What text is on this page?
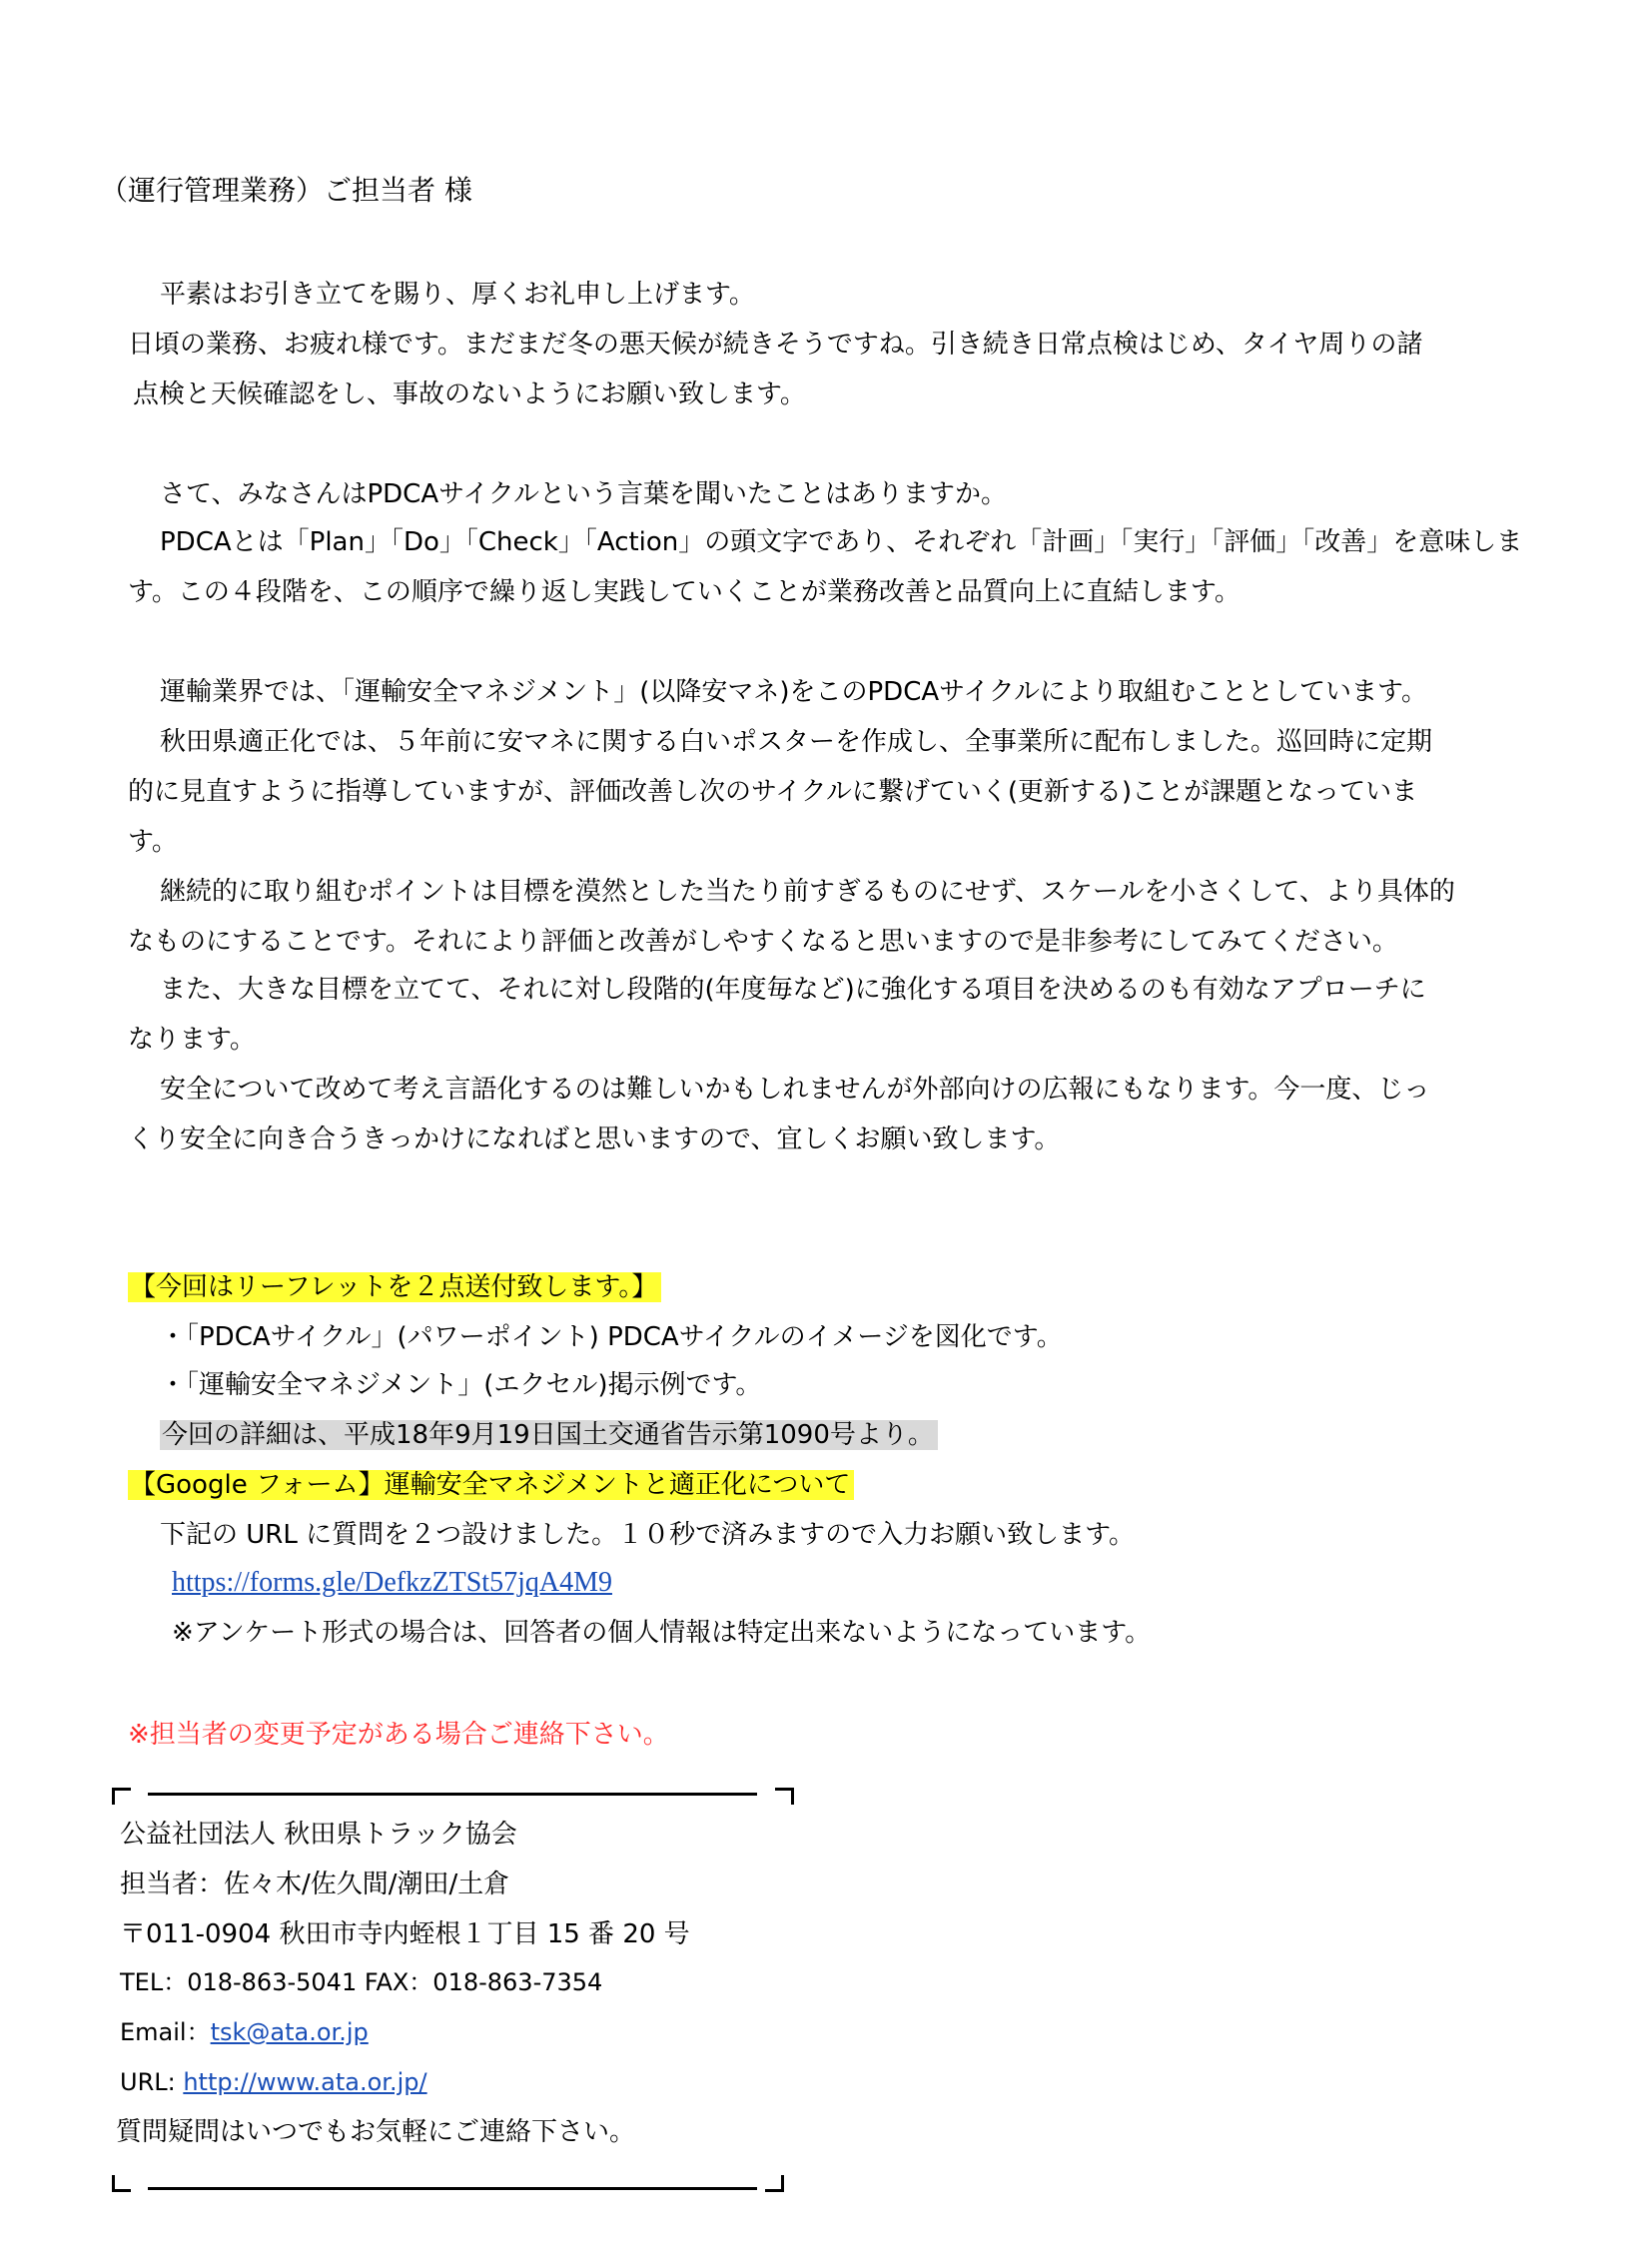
（運行管理業務）ご担当者 様
平素はお引き立てを賜り、厚くお礼申し上げます。
日頃の業務、お疲れ様です。まだまだ冬の悪天候が続きそうですね。引き続き日常点検はじめ、タイヤ周りの諸
点検と天候確認をし、事故のないようにお願い致します。
さて、みなさんはPDCAサイクルという言葉を聞いたことはありますか。
PDCAとは「Plan」「Do」「Check」「Action」の頭文字であり、それぞれ「計画」「実行」「評価」「改善」を意味しま
す。この４段階を、この順序で繰り返し実践していくことが業務改善と品質向上に直結します。
運輸業界では、「運輸安全マネジメント」(以降安マネ)をこのPDCAサイクルにより取組むこととしています。
秋田県適正化では、５年前に安マネに関する白いポスターを作成し、全事業所に配布しました。巡回時に定期
的に見直すように指導していますが、評価改善し次のサイクルに繋げていく(更新する)ことが課題となっていま
す。
継続的に取り組むポイントは目標を漠然とした当たり前すぎるものにせず、スケールを小さくして、より具体的
なものにすることです。それにより評価と改善がしやすくなると思いますので是非参考にしてみてください。
また、大きな目標を立てて、それに対し段階的(年度毎など)に強化する項目を決めるのも有効なアプローチに
なります。
安全について改めて考え言語化するのは難しいかもしれませんが外部向けの広報にもなります。今一度、じっ
くり安全に向き合うきっかけになればと思いますので、宜しくお願い致します。
【今回はリーフレットを２点送付致します。】
・「PDCAサイクル」(パワーポイント) PDCAサイクルのイメージを図化です。
・「運輸安全マネジメント」(エクセル)掲示例です。
今回の詳細は、平成18年9月19日国土交通省告示第1090号より。
【Google フォーム】運輸安全マネジメントと適正化について
下記の URL に質問を２つ設けました。１０秒で済みますので入力お願い致します。
https://forms.gle/DefkzZTSt57jqA4M9
※アンケート形式の場合は、回答者の個人情報は特定出来ないようになっています。
※担当者の変更予定がある場合ご連絡下さい。
公益社団法人 秋田県トラック協会
担当者：佐々木/佐久間/潮田/土倉
〒011-0904 秋田市寺内蛭根１丁目 15 番 20 号
TEL：018-863-5041 FAX：018-863-7354
Email：tsk@ata.or.jp
URL: http://www.ata.or.jp/
質問疑問はいつでもお気軽にご連絡下さい。
